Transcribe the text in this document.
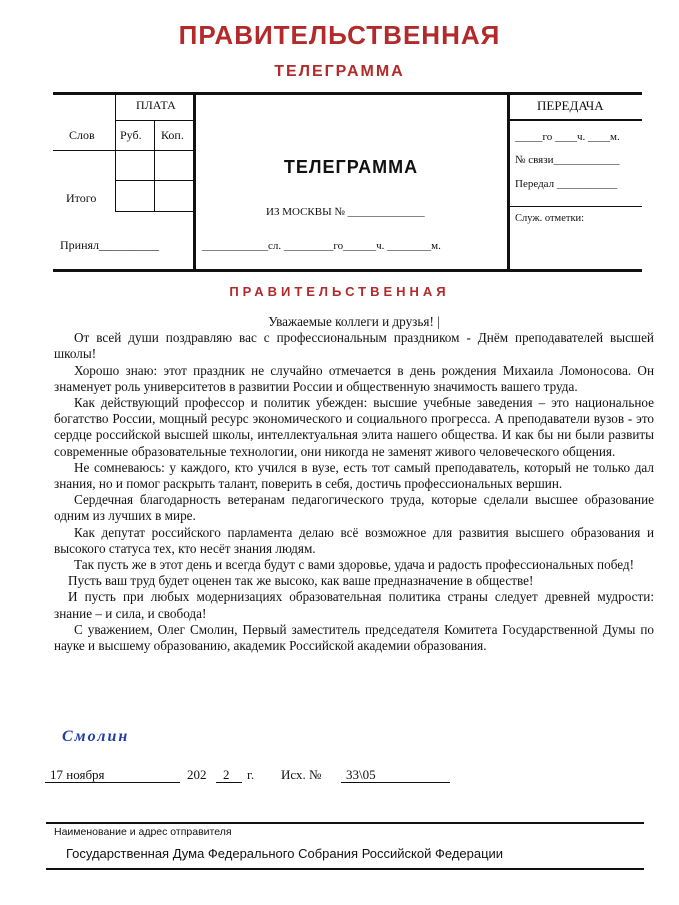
ПРАВИТЕЛЬСТВЕННАЯ
ТЕЛЕГРАММА
ПЛАТА
Слов Руб. Коп.
Итого
Принял__________
ТЕЛЕГРАММА
ИЗ МОСКВЫ № ______________
____________сл. _________го______ч. ________м.
ПЕРЕДАЧА
_____го ____ч. ____м.
№ связи____________
Передал ___________
Служ. отметки:
ПРАВИТЕЛЬСТВЕННАЯ
Уважаемые коллеги и друзья! |

От всей души поздравляю вас с профессиональным праздником - Днём преподавателей высшей школы!

Хорошо знаю: этот праздник не случайно отмечается в день рождения Михаила Ломоносова. Он знаменует роль университетов в развитии России и общественную значимость вашего труда.

Как действующий профессор и политик убежден: высшие учебные заведения – это национальное богатство России, мощный ресурс экономического и социального прогресса. А преподаватели вузов - это сердце российской высшей школы, интеллектуальная элита нашего общества. И как бы ни были развиты современные образовательные технологии, они никогда не заменят живого человеческого общения.

Не сомневаюсь: у каждого, кто учился в вузе, есть тот самый преподаватель, который не только дал знания, но и помог раскрыть талант, поверить в себя, достичь профессиональных вершин.

Сердечная благодарность ветеранам педагогического труда, которые сделали высшее образование одним из лучших в мире.

Как депутат российского парламента делаю всё возможное для развития высшего образования и высокого статуса тех, кто несёт знания людям.

Так пусть же в этот день и всегда будут с вами здоровье, удача и радость профессиональных побед!

Пусть ваш труд будет оценен так же высоко, как ваше предназначение в обществе!

И пусть при любых модернизациях образовательная политика страны следует древней мудрости: знание – и сила, и свобода!

С уважением, Олег Смолин, Первый заместитель председателя Комитета Государственной Думы по науке и высшему образованию, академик Российской академии образования.

Смолин
17 ноября	202 2 г. Исх. № 33\05
Наименование и адрес отправителя
Государственная Дума Федерального Собрания Российской Федерации
